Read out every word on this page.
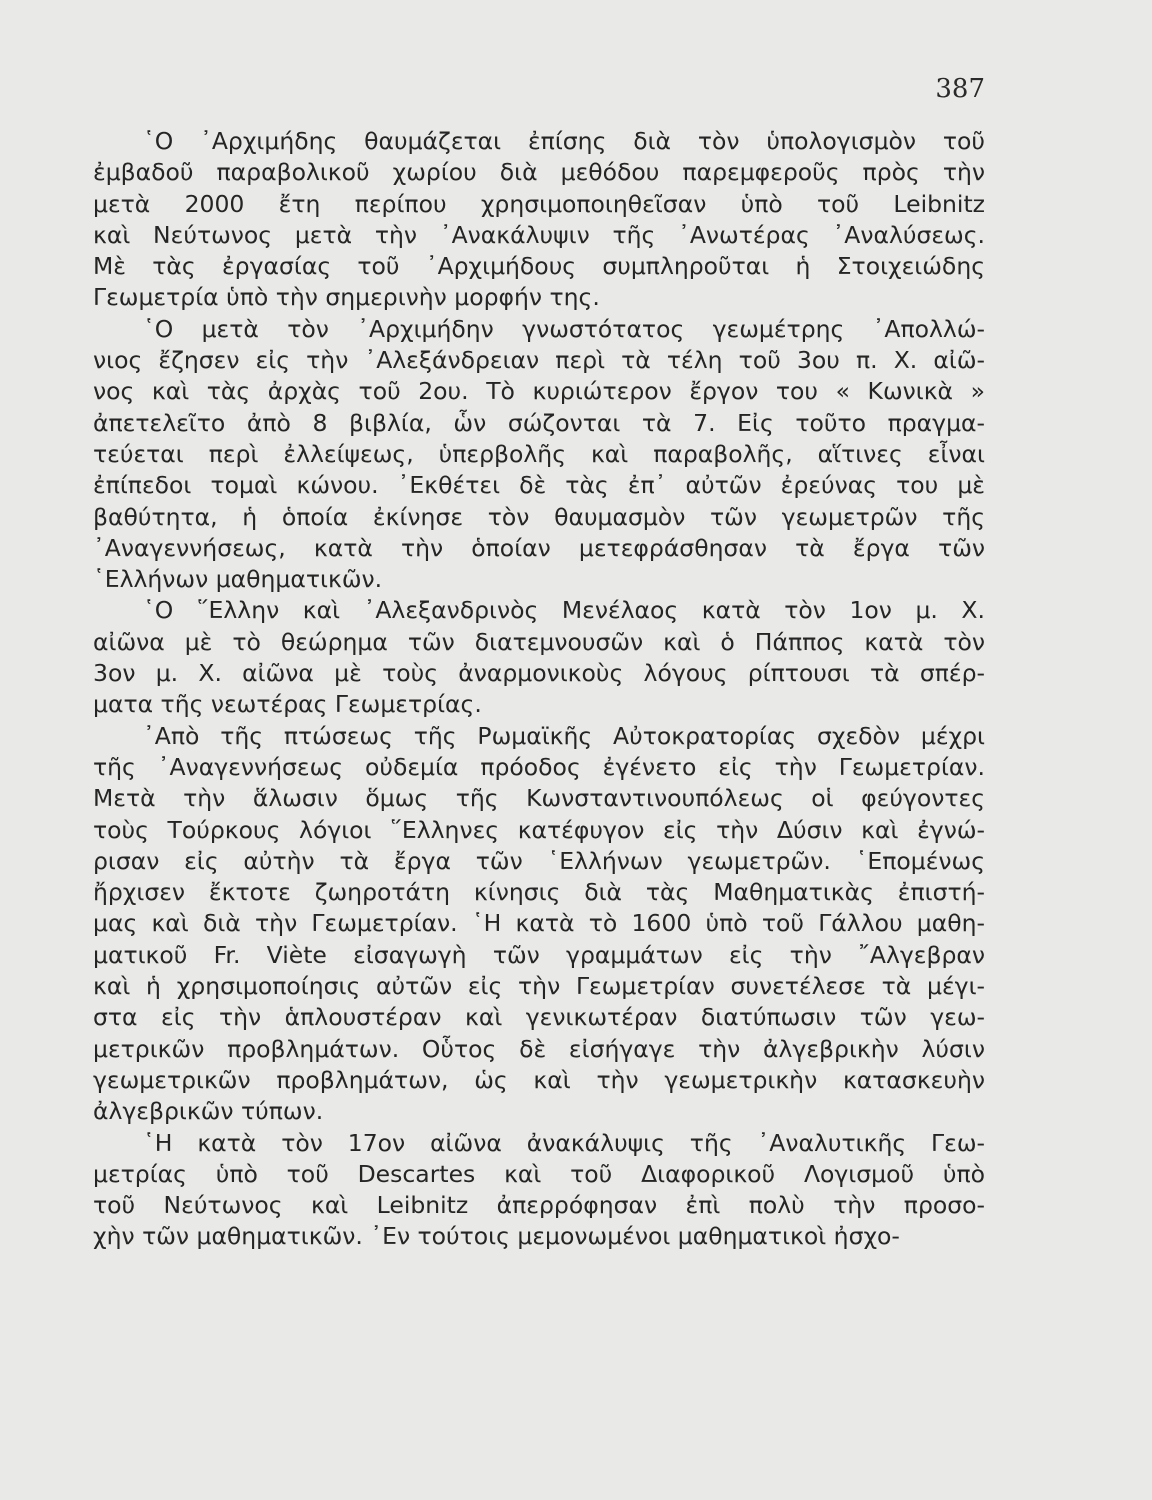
387
῾Ο ᾿Αρχιμήδης θαυμάζεται ἐπίσης διὰ τὸν ὑπολογισμὸν τοῦ
ἐμβαδοῦ παραβολικοῦ χωρίου διὰ μεθόδου παρεμφεροῦς πρὸς τὴν
μετὰ 2000 ἔτη περίπου χρησιμοποιηθεῖσαν ὑπὸ τοῦ Leibnitz
καὶ Νεύτωνος μετὰ τὴν ᾿Ανακάλυψιν τῆς ᾿Ανωτέρας ᾿Αναλύσεως.
Μὲ τὰς ἐργασίας τοῦ ᾿Αρχιμήδους συμπληροῦται ἡ Στοιχειώδης
Γεωμετρία ὑπὸ τὴν σημερινὴν μορφήν της.
῾Ο μετὰ τὸν ᾿Αρχιμήδην γνωστότατος γεωμέτρης ᾿Απολλώ-
νιος ἔζησεν εἰς τὴν ᾿Αλεξάνδρειαν περὶ τὰ τέλη τοῦ 3ου π. Χ. αἰῶ-
νος καὶ τὰς ἀρχὰς τοῦ 2ου. Τὸ κυριώτερον ἔργον του « Κωνικὰ »
ἀπετελεῖτο ἀπὸ 8 βιβλία, ὧν σώζονται τὰ 7. Εἰς τοῦτο πραγμα-
τεύεται περὶ ἐλλείψεως, ὑπερβολῆς καὶ παραβολῆς, αἵτινες εἶναι
ἐπίπεδοι τομαὶ κώνου. ᾿Εκθέτει δὲ τὰς ἐπ᾿ αὐτῶν ἐρεύνας του μὲ
βαθύτητα, ἡ ὁποία ἐκίνησε τὸν θαυμασμὸν τῶν γεωμετρῶν τῆς
᾿Αναγεννήσεως, κατὰ τὴν ὁποίαν μετεφράσθησαν τὰ ἔργα τῶν
῾Ελλήνων μαθηματικῶν.
῾Ο ῞Ελλην καὶ ᾿Αλεξανδρινὸς Μενέλαος κατὰ τὸν 1ον μ. Χ.
αἰῶνα μὲ τὸ θεώρημα τῶν διατεμνουσῶν καὶ ὁ Πάππος κατὰ τὸν
3ον μ. Χ. αἰῶνα μὲ τοὺς ἀναρμονικοὺς λόγους ρίπτουσι τὰ σπέρ-
ματα τῆς νεωτέρας Γεωμετρίας.
᾿Απὸ τῆς πτώσεως τῆς Ρωμαϊκῆς Αὐτοκρατορίας σχεδὸν μέχρι
τῆς ᾿Αναγεννήσεως οὐδεμία πρόοδος ἐγένετο εἰς τὴν Γεωμετρίαν.
Μετὰ τὴν ἅλωσιν ὅμως τῆς Κωνσταντινουπόλεως οἱ φεύγοντες
τοὺς Τούρκους λόγιοι ῞Ελληνες κατέφυγον εἰς τὴν Δύσιν καὶ ἐγνώ-
ρισαν εἰς αὐτὴν τὰ ἔργα τῶν ῾Ελλήνων γεωμετρῶν. ῾Επομένως
ἤρχισεν ἔκτοτε ζωηροτάτη κίνησις διὰ τὰς Μαθηματικὰς ἐπιστή-
μας καὶ διὰ τὴν Γεωμετρίαν. ῾Η κατὰ τὸ 1600 ὑπὸ τοῦ Γάλλου μαθη-
ματικοῦ Fr. Viète εἰσαγωγὴ τῶν γραμμάτων εἰς τὴν ῎Αλγεβραν
καὶ ἡ χρησιμοποίησις αὐτῶν εἰς τὴν Γεωμετρίαν συνετέλεσε τὰ μέγι-
στα εἰς τὴν ἁπλουστέραν καὶ γενικωτέραν διατύπωσιν τῶν γεω-
μετρικῶν προβλημάτων. Οὗτος δὲ εἰσήγαγε τὴν ἀλγεβρικὴν λύσιν
γεωμετρικῶν προβλημάτων, ὡς καὶ τὴν γεωμετρικὴν κατασκευὴν
ἀλγεβρικῶν τύπων.
῾Η κατὰ τὸν 17ον αἰῶνα ἀνακάλυψις τῆς ᾿Αναλυτικῆς Γεω-
μετρίας ὑπὸ τοῦ Descartes καὶ τοῦ Διαφορικοῦ Λογισμοῦ ὑπὸ
τοῦ Νεύτωνος καὶ Leibnitz ἀπερρόφησαν ἐπὶ πολὺ τὴν προσο-
χὴν τῶν μαθηματικῶν. ᾿Εν τούτοις μεμονωμένοι μαθηματικοὶ ἠσχο-
